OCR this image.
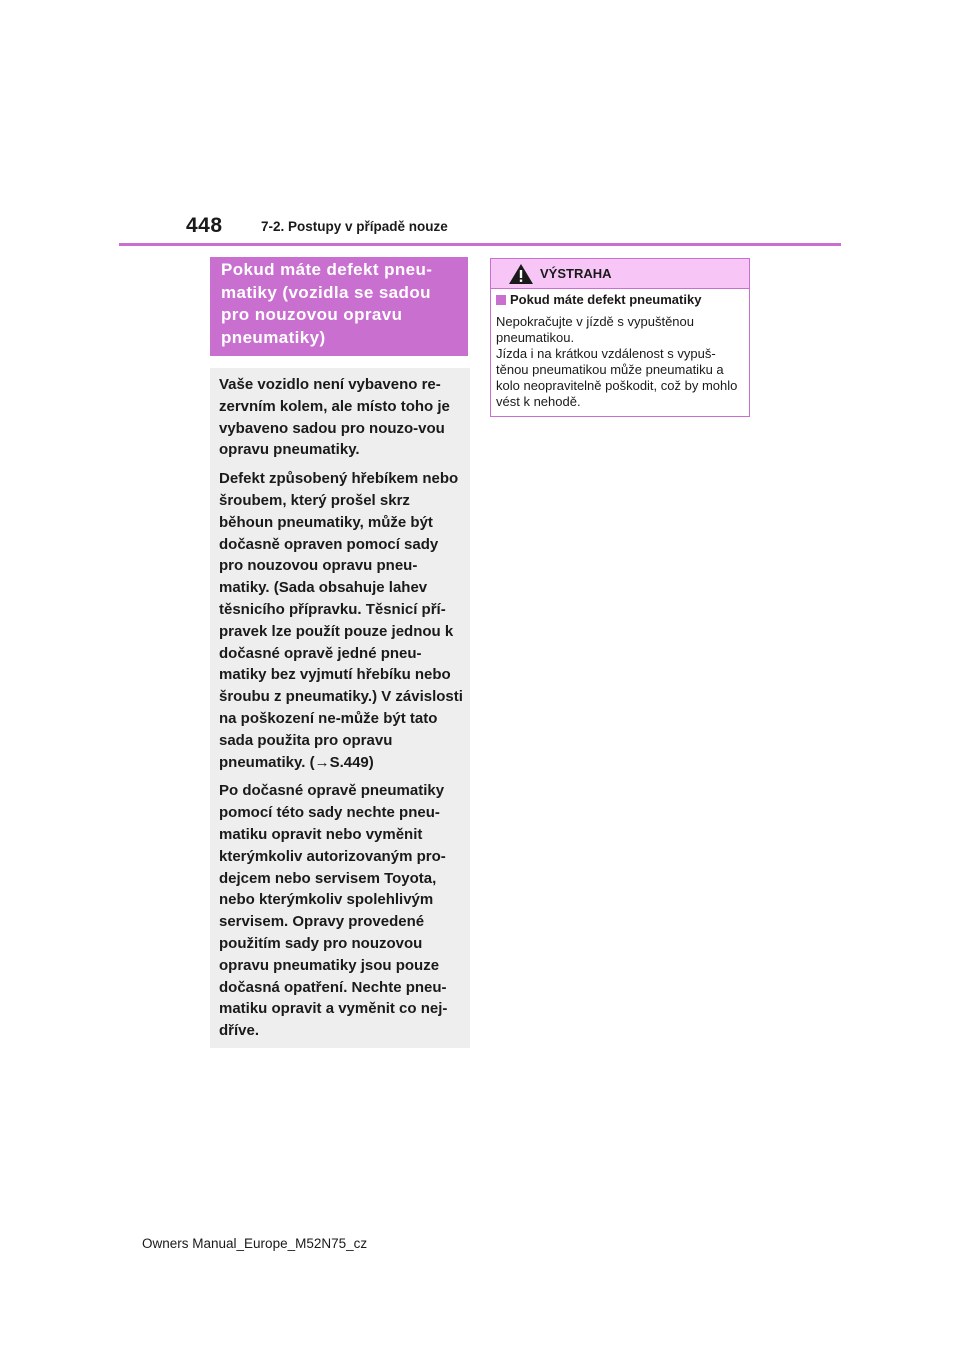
448	7-2. Postupy v případě nouze

Pokud máte defekt pneu-
matiky (vozidla se sadou
pro nouzovou opravu
pneumatiky)

Vaše vozidlo není vybaveno re-zervním kolem, ale místo toho je vybaveno sadou pro nouzo-vou opravu pneumatiky.

Defekt způsobený hřebíkem nebo šroubem, který prošel skrz běhoun pneumatiky, může být dočasně opraven pomocí sady pro nouzovou opravu pneu-matiky. (Sada obsahuje lahev těsnicího přípravku. Těsnicí pří-pravek lze použít pouze jednou k dočasné opravě jedné pneu-matiky bez vyjmutí hřebíku nebo šroubu z pneumatiky.) V závislosti na poškození ne-může být tato sada použita pro opravu pneumatiky. (→S.449)

Po dočasné opravě pneumatiky pomocí této sady nechte pneu-matiku opravit nebo vyměnit kterýmkoliv autorizovaným pro-dejcem nebo servisem Toyota, nebo kterýmkoliv spolehlivým servisem. Opravy provedené použitím sady pro nouzovou opravu pneumatiky jsou pouze dočasná opatření. Nechte pneu-matiku opravit a vyměnit co nej-dříve.

VÝSTRAHA
Pokud máte defekt pneumatiky

Nepokračujte v jízdě s vypuštěnou pneumatikou.

Jízda i na krátkou vzdálenost s vypuš-těnou pneumatikou může pneumatiku a kolo neopravitelně poškodit, což by mohlo vést k nehodě.

Owners Manual_Europe_M52N75_cz
